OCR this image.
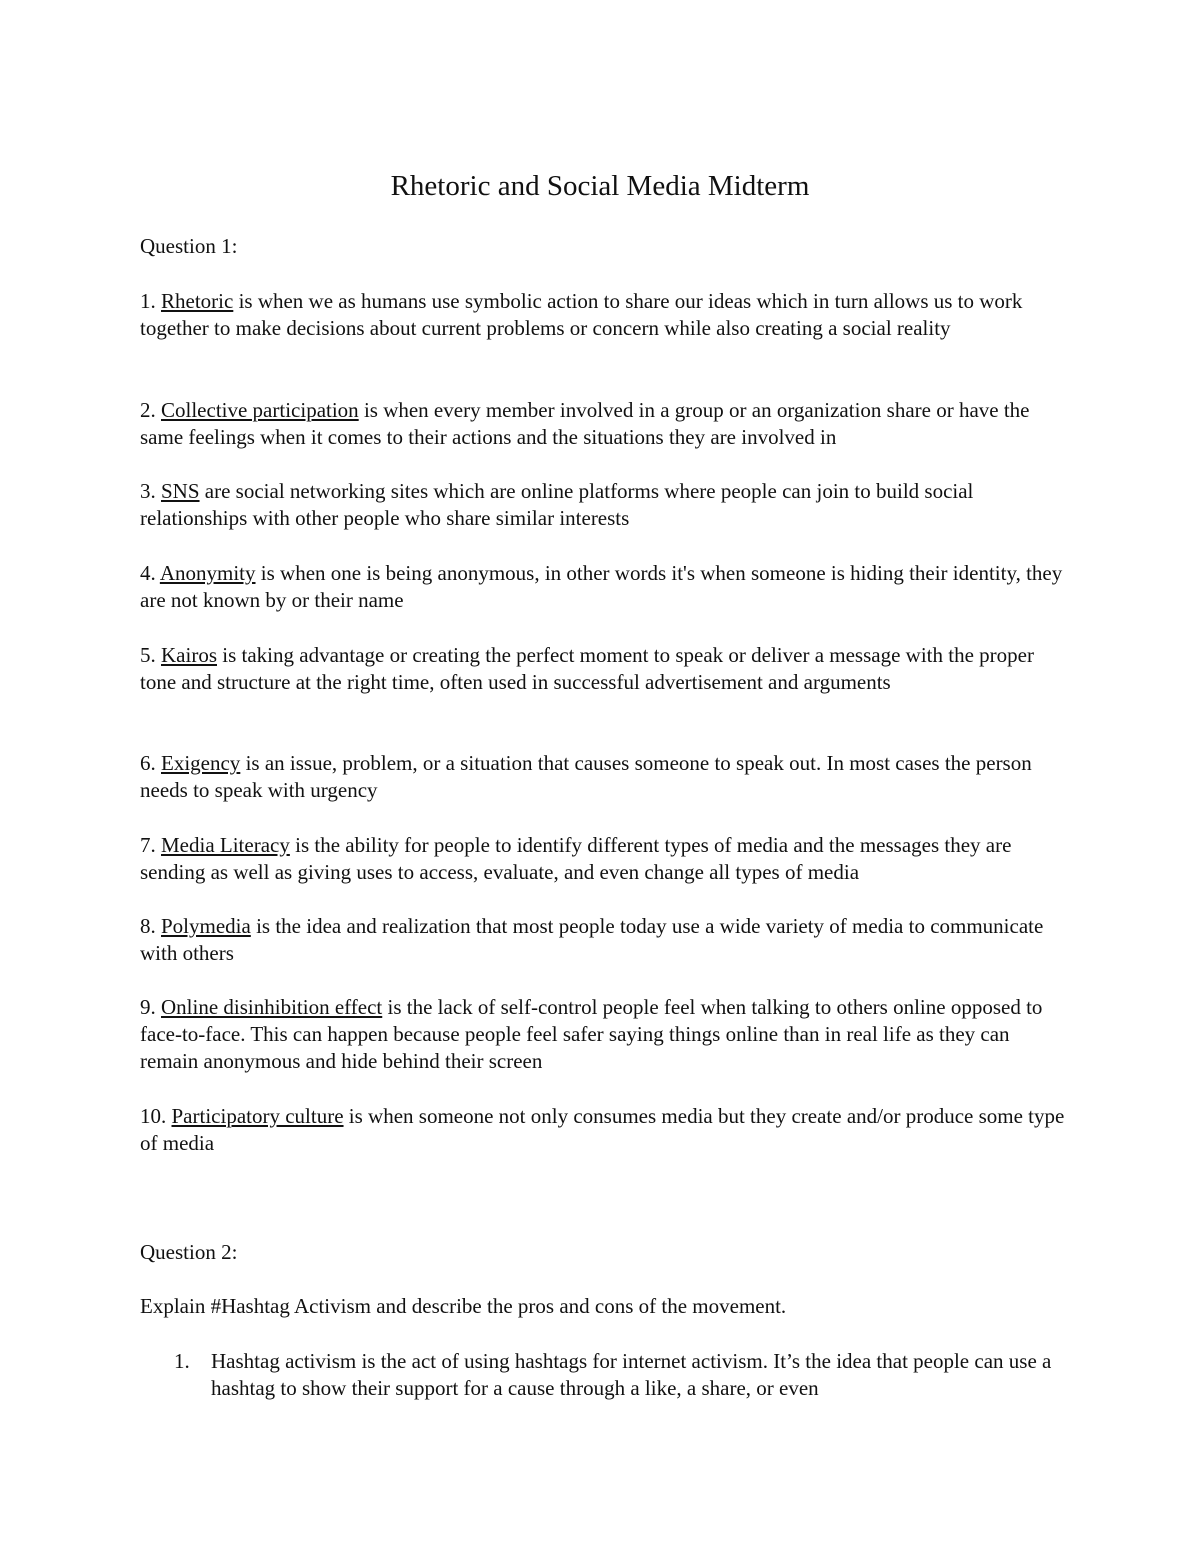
Rhetoric and Social Media Midterm
Question 1:
1. Rhetoric is when we as humans use symbolic action to share our ideas which in turn allows us to work together to make decisions about current problems or concern while also creating a social reality
2. Collective participation is when every member involved in a group or an organization share or have the same feelings when it comes to their actions and the situations they are involved in
3. SNS are social networking sites which are online platforms where people can join to build social relationships with other people who share similar interests
4. Anonymity is when one is being anonymous, in other words it's when someone is hiding their identity, they are not known by or their name
5. Kairos is taking advantage or creating the perfect moment to speak or deliver a message with the proper tone and structure at the right time, often used in successful advertisement and arguments
6. Exigency is an issue, problem, or a situation that causes someone to speak out. In most cases the person needs to speak with urgency
7. Media Literacy is the ability for people to identify different types of media and the messages they are sending as well as giving uses to access, evaluate, and even change all types of media
8. Polymedia is the idea and realization that most people today use a wide variety of media to communicate with others
9. Online disinhibition effect is the lack of self-control people feel when talking to others online opposed to face-to-face. This can happen because people feel safer saying things online than in real life as they can remain anonymous and hide behind their screen
10. Participatory culture is when someone not only consumes media but they create and/or produce some type of media
Question 2:
Explain #Hashtag Activism and describe the pros and cons of the movement.
1. Hashtag activism is the act of using hashtags for internet activism. It’s the idea that people can use a hashtag to show their support for a cause through a like, a share, or even
